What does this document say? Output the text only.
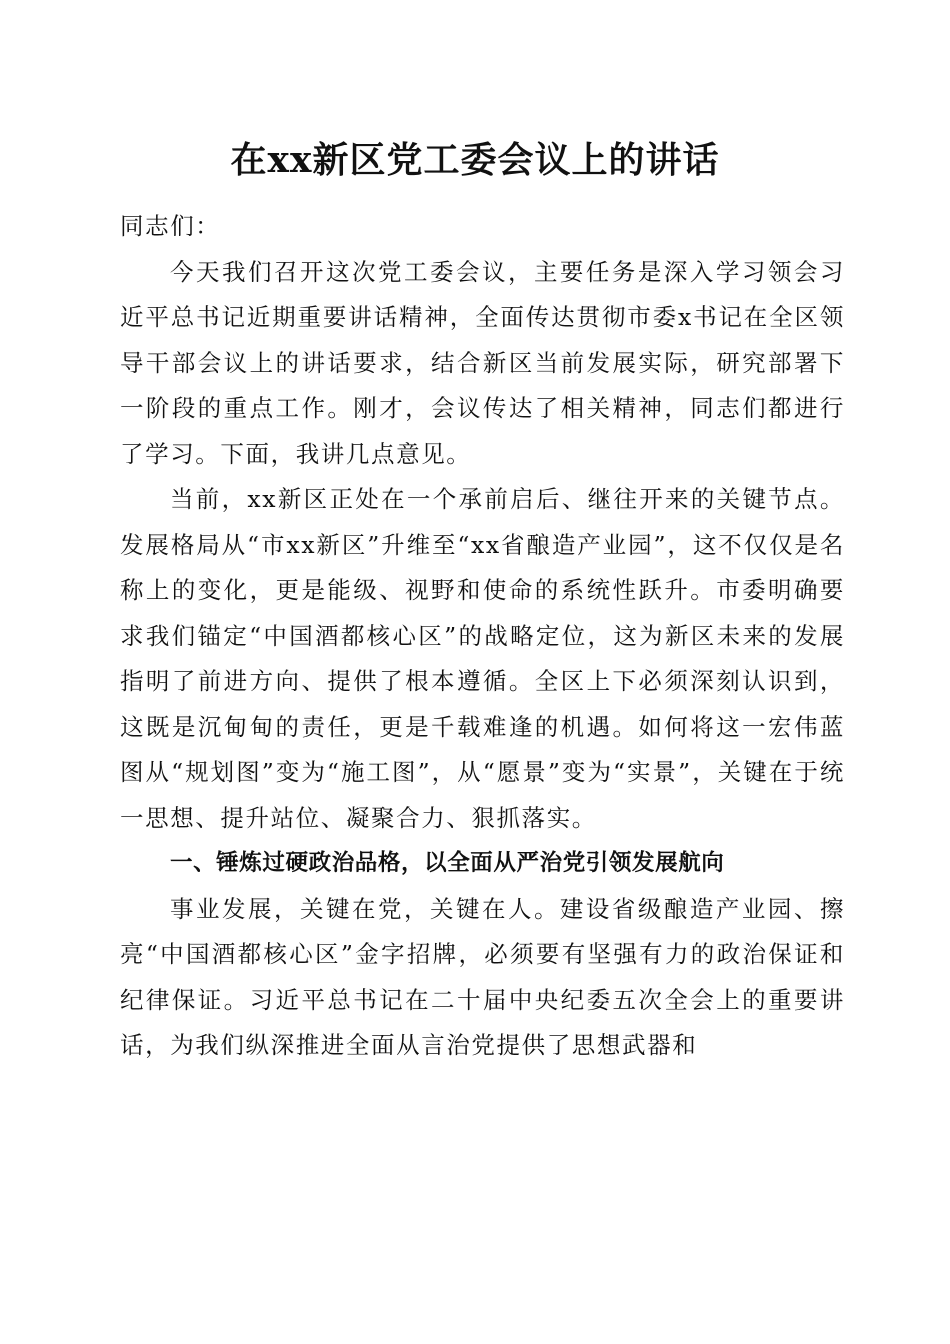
在xx新区党工委会议上的讲话

同志们：

今天我们召开这次党工委会议，主要任务是深入学习领会习近平总书记近期重要讲话精神，全面传达贯彻市委x书记在全区领导干部会议上的讲话要求，结合新区当前发展实际，研究部署下一阶段的重点工作。刚才，会议传达了相关精神，同志们都进行了学习。下面，我讲几点意见。

当前，xx新区正处在一个承前启后、继往开来的关键节点。发展格局从“市xx新区”升维至“xx省酿造产业园”，这不仅仅是名称上的变化，更是能级、视野和使命的系统性跃升。市委明确要求我们锚定“中国酒都核心区”的战略定位，这为新区未来的发展指明了前进方向、提供了根本遵循。全区上下必须深刻认识到，这既是沉甸甸的责任，更是千载难逢的机遇。如何将这一宏伟蓝图从“规划图”变为“施工图”，从“愿景”变为“实景”，关键在于统一思想、提升站位、凝聚合力、狠抓落实。

一、锤炼过硬政治品格，以全面从严治党引领发展航向

事业发展，关键在党，关键在人。建设省级酿造产业园、擦亮“中国酒都核心区”金字招牌，必须要有坚强有力的政治保证和纪律保证。习近平总书记在二十届中央纪委五次全会上的重要讲话，为我们纵深推进全面从言治党提供了思想武器和
